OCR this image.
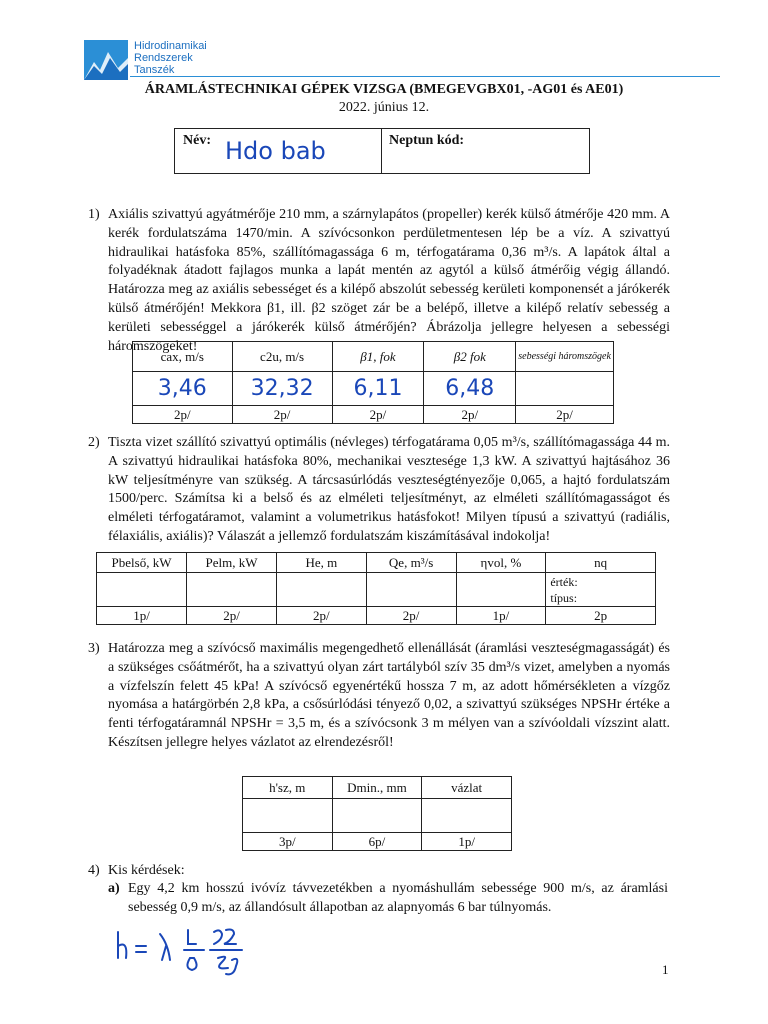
Hidrodinamikai
Rendszerek
Tanszék
ÁRAMLÁSTECHNIKAI GÉPEK VIZSGA (BMEGEVGBX01, -AG01 és AE01)
2022. június 12.
Név: Hdo bab	Neptun kód:
1) Axiális szivattyú agyátmérője 210 mm, a szárnylapátos (propeller) kerék külső átmérője 420 mm. A kerék fordulatszáma 1470/min. A szívócsonkon perdületmentesen lép be a víz. A szivattyú hidraulikai hatásfoka 85%, szállítómagassága 6 m, térfogatárama 0,36 m³/s. A lapátok által a folyadéknak átadott fajlagos munka a lapát mentén az agytól a külső átmérőig végig állandó. Határozza meg az axiális sebességet és a kilépő abszolút sebesség kerületi komponensét a járókerék külső átmérőjén! Mekkora β1, ill. β2 szöget zár be a belépő, illetve a kilépő relatív sebesség a kerületi sebességgel a járókerék külső átmérőjén? Ábrázolja jellegre helyesen a sebességi háromszögeket!
cax, m/s	c2u, m/s	β1, fok	β2 fok	sebességi háromszögek
3,46	32,32	6,11	6,48	
2p/	2p/	2p/	2p/	2p/
2) Tiszta vizet szállító szivattyú optimális (névleges) térfogatárama 0,05 m³/s, szállítómagassága 44 m. A szivattyú hidraulikai hatásfoka 80%, mechanikai vesztesége 1,3 kW. A szivattyú hajtásához 36 kW teljesítményre van szükség. A tárcsasúrlódás veszteségtényezője 0,065, a hajtó fordulatszám 1500/perc. Számítsa ki a belső és az elméleti teljesítményt, az elméleti szállítómagasságot és elméleti térfogatáramot, valamint a volumetrikus hatásfokot! Milyen típusú a szivattyú (radiális, félaxiális, axiális)? Válaszát a jellemző fordulatszám kiszámításával indokolja!
Pbelső, kW	Pelm, kW	He, m	Qe, m³/s	ηvol, %	nq

					érték:
típus:

1p/	2p/	2p/	2p/	1p/	2p
3) Határozza meg a szívócső maximális megengedhető ellenállását (áramlási veszteségmagasságát) és a szükséges csőátmérőt, ha a szivattyú olyan zárt tartályból szív 35 dm³/s vizet, amelyben a nyomás a vízfelszín felett 45 kPa! A szívócső egyenértékű hossza 7 m, az adott hőmérsékleten a vízgőz nyomása a határgörbén 2,8 kPa, a csősúrlódási tényező 0,02, a szivattyú szükséges NPSHr értéke a fenti térfogatáramnál NPSHr = 3,5 m, és a szívócsonk 3 m mélyen van a szívóoldali vízszint alatt. Készítsen jellegre helyes vázlatot az elrendezésről!
h'sz, m	Dmin., mm	vázlat

3p/	6p/	1p/
4) Kis kérdések:
a) Egy 4,2 km hosszú ivóvíz távvezetékben a nyomáshullám sebessége 900 m/s, az áramlási sebesség 0,9 m/s, az állandósult állapotban az alapnyomás 6 bar túlnyomás.
1
